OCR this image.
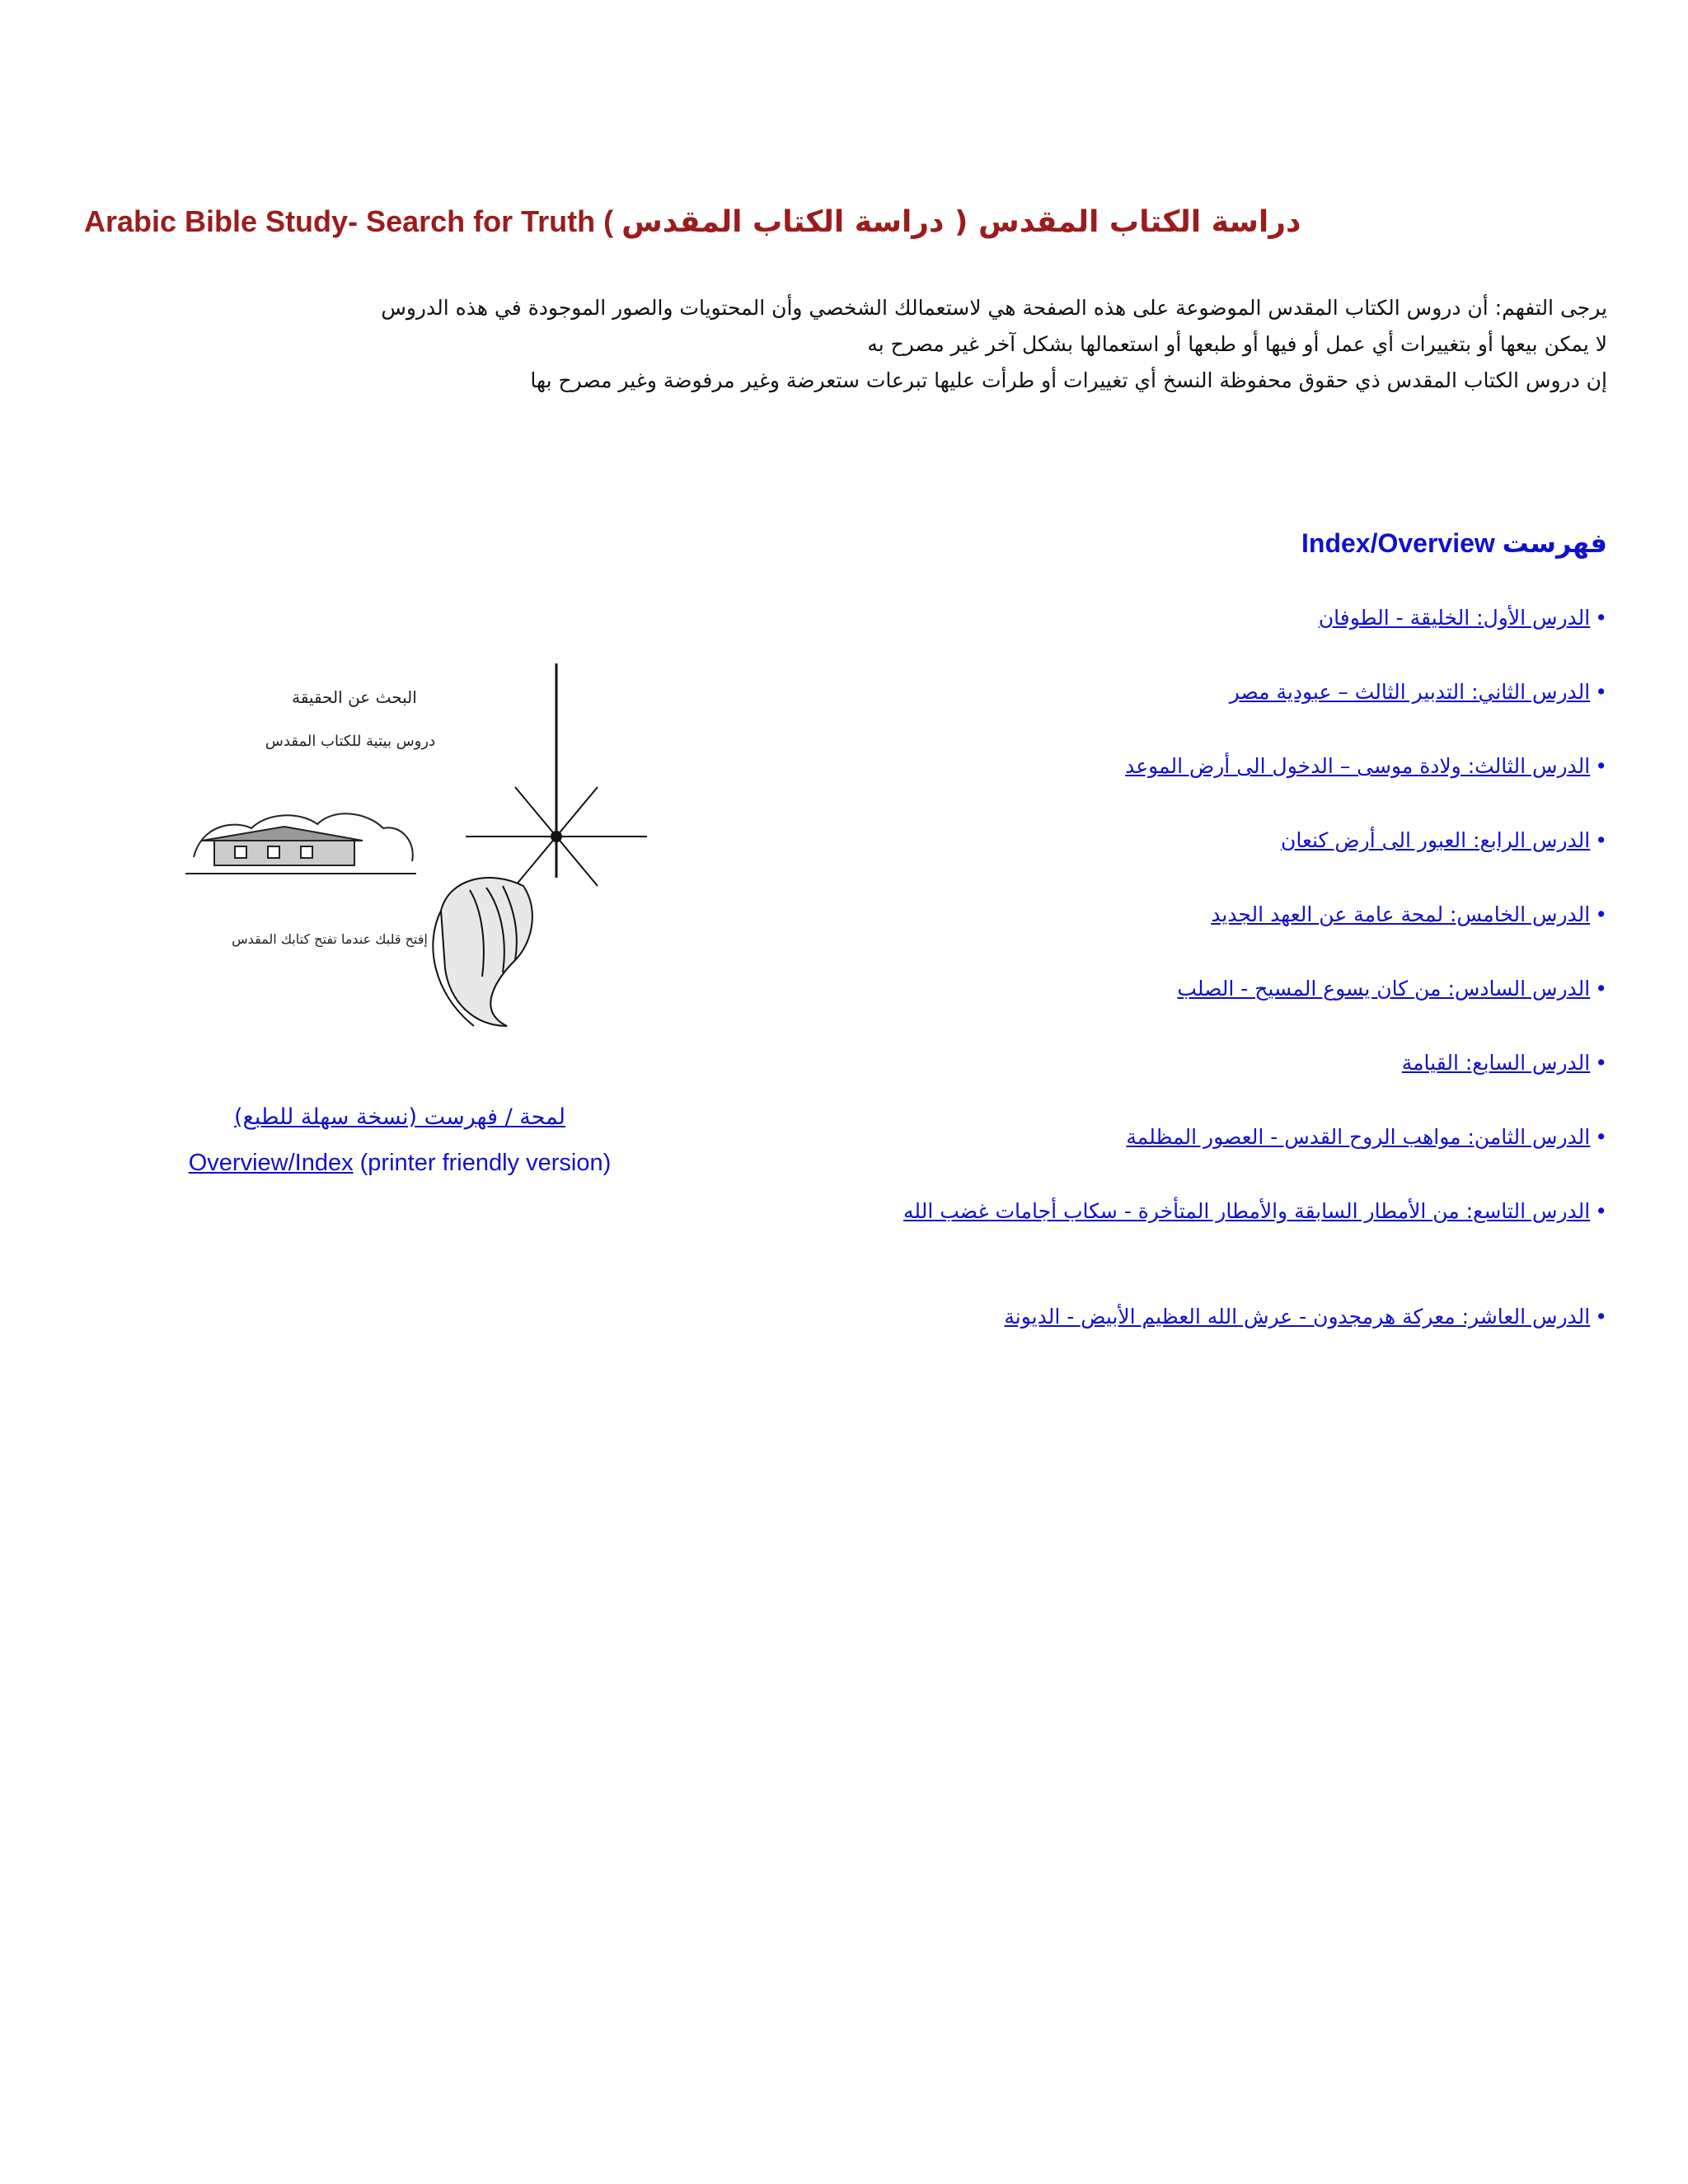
Arabic Bible Study- Search for Truth ( دراسة الكتاب المقدس ( دراسة الكتاب المقدس
يرجى التفهم: أن دروس الكتاب المقدس الموضوعة على هذه الصفحة هي لاستعمالك الشخصي وأن المحتويات والصور الموجودة في هذه الدروس
لا يمكن بيعها أو بتغييرات أي عمل أو فيها أو طبعها أو استعمالها بشكل آخر غير مصرح به
إن دروس الكتاب المقدس ذي حقوق محفوظة النسخ أي تغييرات أو طرأت عليها تبرعات ستعرضة وغير مرفوضة وغير مصرح بها
فهرست Index/Overview
•الدرس الأول: الخليقة - الطوفان
•الدرس الثاني: التدبير الثالث – عبودية مصر
•الدرس الثالث: ولادة موسى – الدخول الى أرض الموعد
•الدرس الرابع: العبور الى أرض كنعان
•الدرس الخامس: لمحة عامة عن العهد الجديد
•الدرس السادس: من كان يسوع المسيح - الصلب
•الدرس السابع: القيامة
•الدرس الثامن: مواهب الروح القدس - العصور المظلمة
•الدرس التاسع: من الأمطار السابقة والأمطار المتأخرة - سكاب أجامات غضب الله
•الدرس العاشر: معركة هرمجدون - عرش الله العظيم الأبيض - الديونة
البحث عن الحقيقة
دروس بيتية للكتاب المقدس
إفتح قلبك عندما تفتح كتابك المقدس
لمحة / فهرست (نسخة سهلة للطبع)
Overview/Index (printer friendly version)
